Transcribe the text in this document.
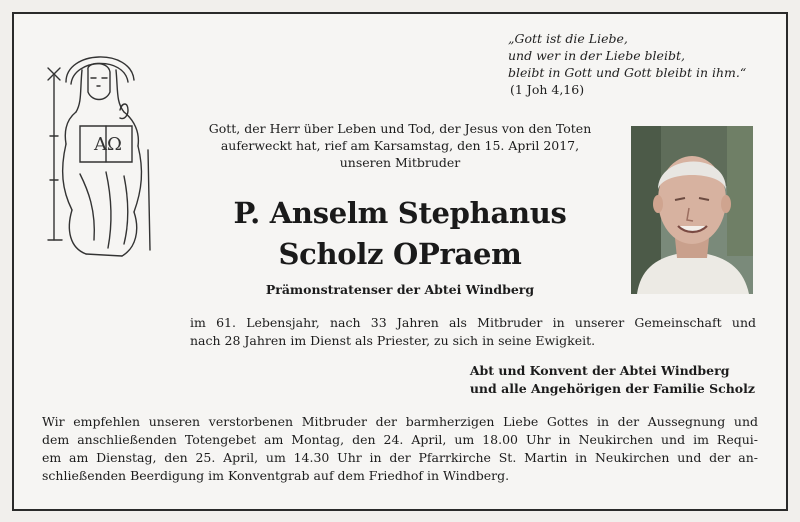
„Gott ist die Liebe,
und wer in der Liebe bleibt,
bleibt in Gott und Gott bleibt in ihm.“
(1 Joh 4,16)
AΩ
Gott, der Herr über Leben und Tod, der Jesus von den Toten
auferweckt hat, rief am Karsamstag, den 15. April 2017,
unseren Mitbruder
P. Anselm Stephanus
Scholz OPraem
Prämonstratenser der Abtei Windberg
im 61. Lebensjahr, nach 33 Jahren als Mitbruder in unserer Gemeinschaft und
nach 28 Jahren im Dienst als Priester, zu sich in seine Ewigkeit.
Abt und Konvent der Abtei Windberg
und alle Angehörigen der Familie Scholz
Wir empfehlen unseren verstorbenen Mitbruder der barmherzigen Liebe Gottes in der Aussegnung und
dem anschließenden Totengebet am Montag, den 24. April, um 18.00 Uhr in Neukirchen und im Requi-
em am Dienstag, den 25. April, um 14.30 Uhr in der Pfarrkirche St. Martin in Neukirchen und der an-
schließenden Beerdigung im Konventgrab auf dem Friedhof in Windberg.
